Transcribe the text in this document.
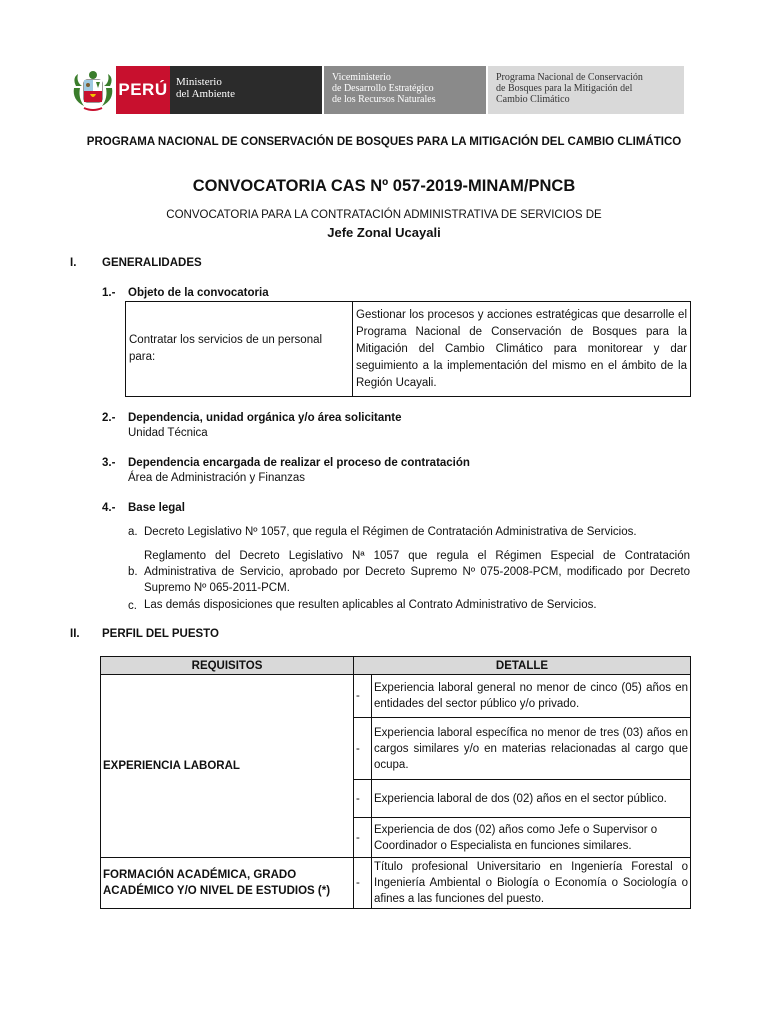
PERÚ Ministerio
del Ambiente
Viceministerio
de Desarrollo Estratégico
de los Recursos Naturales
Programa Nacional de Conservación
de Bosques para la Mitigación del
Cambio Climático
PROGRAMA NACIONAL DE CONSERVACIÓN DE BOSQUES PARA LA MITIGACIÓN DEL CAMBIO CLIMÁTICO
CONVOCATORIA CAS Nº 057-2019-MINAM/PNCB
CONVOCATORIA PARA LA CONTRATACIÓN ADMINISTRATIVA DE SERVICIOS DE
Jefe Zonal Ucayali
I. GENERALIDADES
1.- Objeto de la convocatoria
Contratar los servicios de un personal para:	Gestionar los procesos y acciones estratégicas que desarrolle el Programa Nacional de Conservación de Bosques para la Mitigación del Cambio Climático para monitorear y dar seguimiento a la implementación del mismo en el ámbito de la Región Ucayali.
2.- Dependencia, unidad orgánica y/o área solicitante
Unidad Técnica
3.- Dependencia encargada de realizar el proceso de contratación
Área de Administración y Finanzas
4.- Base legal
a. Decreto Legislativo Nº 1057, que regula el Régimen de Contratación Administrativa de Servicios.
b.
Reglamento del Decreto Legislativo Nª 1057 que regula el Régimen Especial de Contratación Administrativa de Servicio, aprobado por Decreto Supremo Nº 075-2008-PCM, modificado por Decreto Supremo Nº 065-2011-PCM.
c. Las demás disposiciones que resulten aplicables al Contrato Administrativo de Servicios.
II. PERFIL DEL PUESTO
REQUISITOS	DETALLE	
EXPERIENCIA LABORAL	-	Experiencia laboral general no menor de cinco (05) años en entidades del sector público y/o privado.
	-	Experiencia laboral específica no menor de tres (03) años en cargos similares y/o en materias relacionadas al cargo que ocupa.
	-	Experiencia laboral de dos (02) años en el sector público.
	-	Experiencia de dos (02) años como Jefe o Supervisor o Coordinador o Especialista en funciones similares.
FORMACIÓN ACADÉMICA, GRADO ACADÉMICO Y/O NIVEL DE ESTUDIOS (*)	-	Título profesional Universitario en Ingeniería Forestal o Ingeniería Ambiental o Biología o Economía o Sociología o afines a las funciones del puesto.
